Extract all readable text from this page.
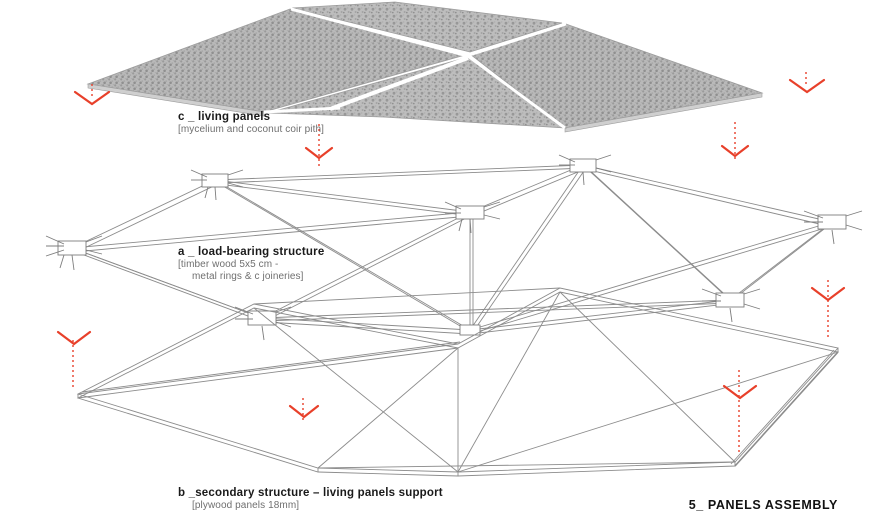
c _ living panels
[mycelium and coconut coir pith]
a _ load-bearing structure
[timber wood 5x5 cm -
metal rings & c joineries]
b _secondary structure – living panels support
[plywood panels 18mm]	5_ PANELS ASSEMBLY
